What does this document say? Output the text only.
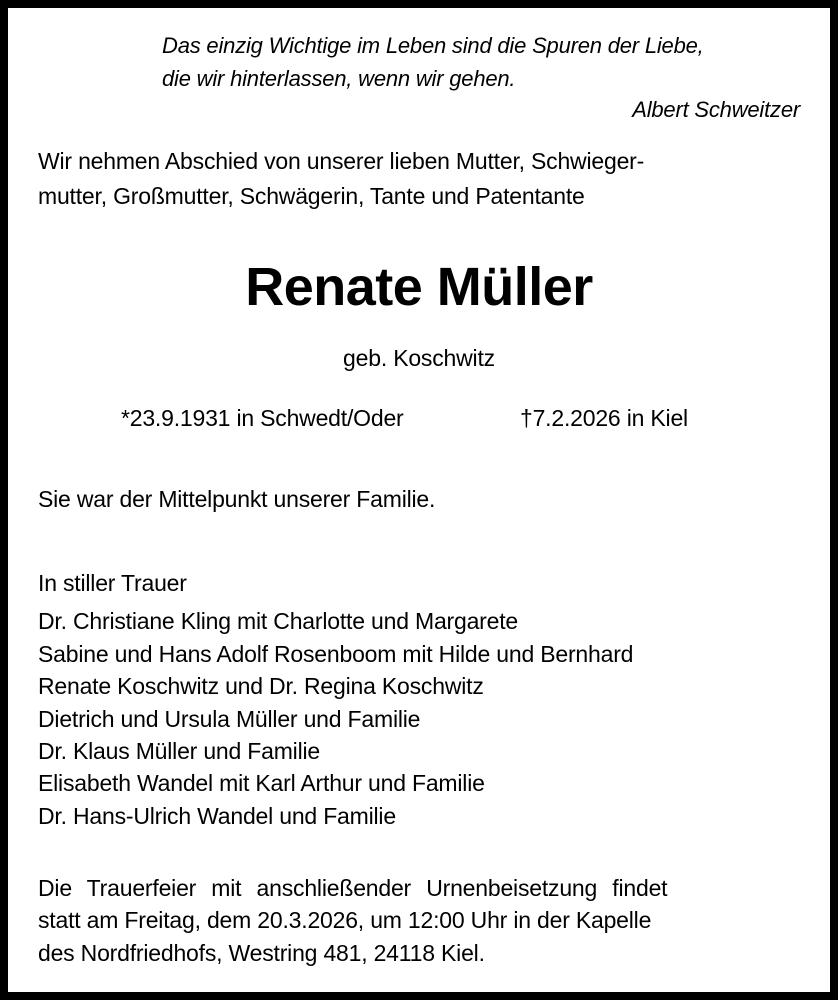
Das einzig Wichtige im Leben sind die Spuren der Liebe,
die wir hinterlassen, wenn wir gehen.
Albert Schweitzer
Wir nehmen Abschied von unserer lieben Mutter, Schwieger-
mutter, Großmutter, Schwägerin, Tante und Patentante
Renate Müller
geb. Koschwitz
*23.9.1931 in Schwedt/Oder	†7.2.2026 in Kiel
Sie war der Mittelpunkt unserer Familie.
In stiller Trauer
Dr. Christiane Kling mit Charlotte und Margarete
Sabine und Hans Adolf Rosenboom mit Hilde und Bernhard
Renate Koschwitz und Dr. Regina Koschwitz
Dietrich und Ursula Müller und Familie
Dr. Klaus Müller und Familie
Elisabeth Wandel mit Karl Arthur und Familie
Dr. Hans-Ulrich Wandel und Familie
Die Trauerfeier mit anschließender Urnenbeisetzung findet
statt am Freitag, dem 20.3.2026, um 12:00 Uhr in der Kapelle
des Nordfriedhofs, Westring 481, 24118 Kiel.
